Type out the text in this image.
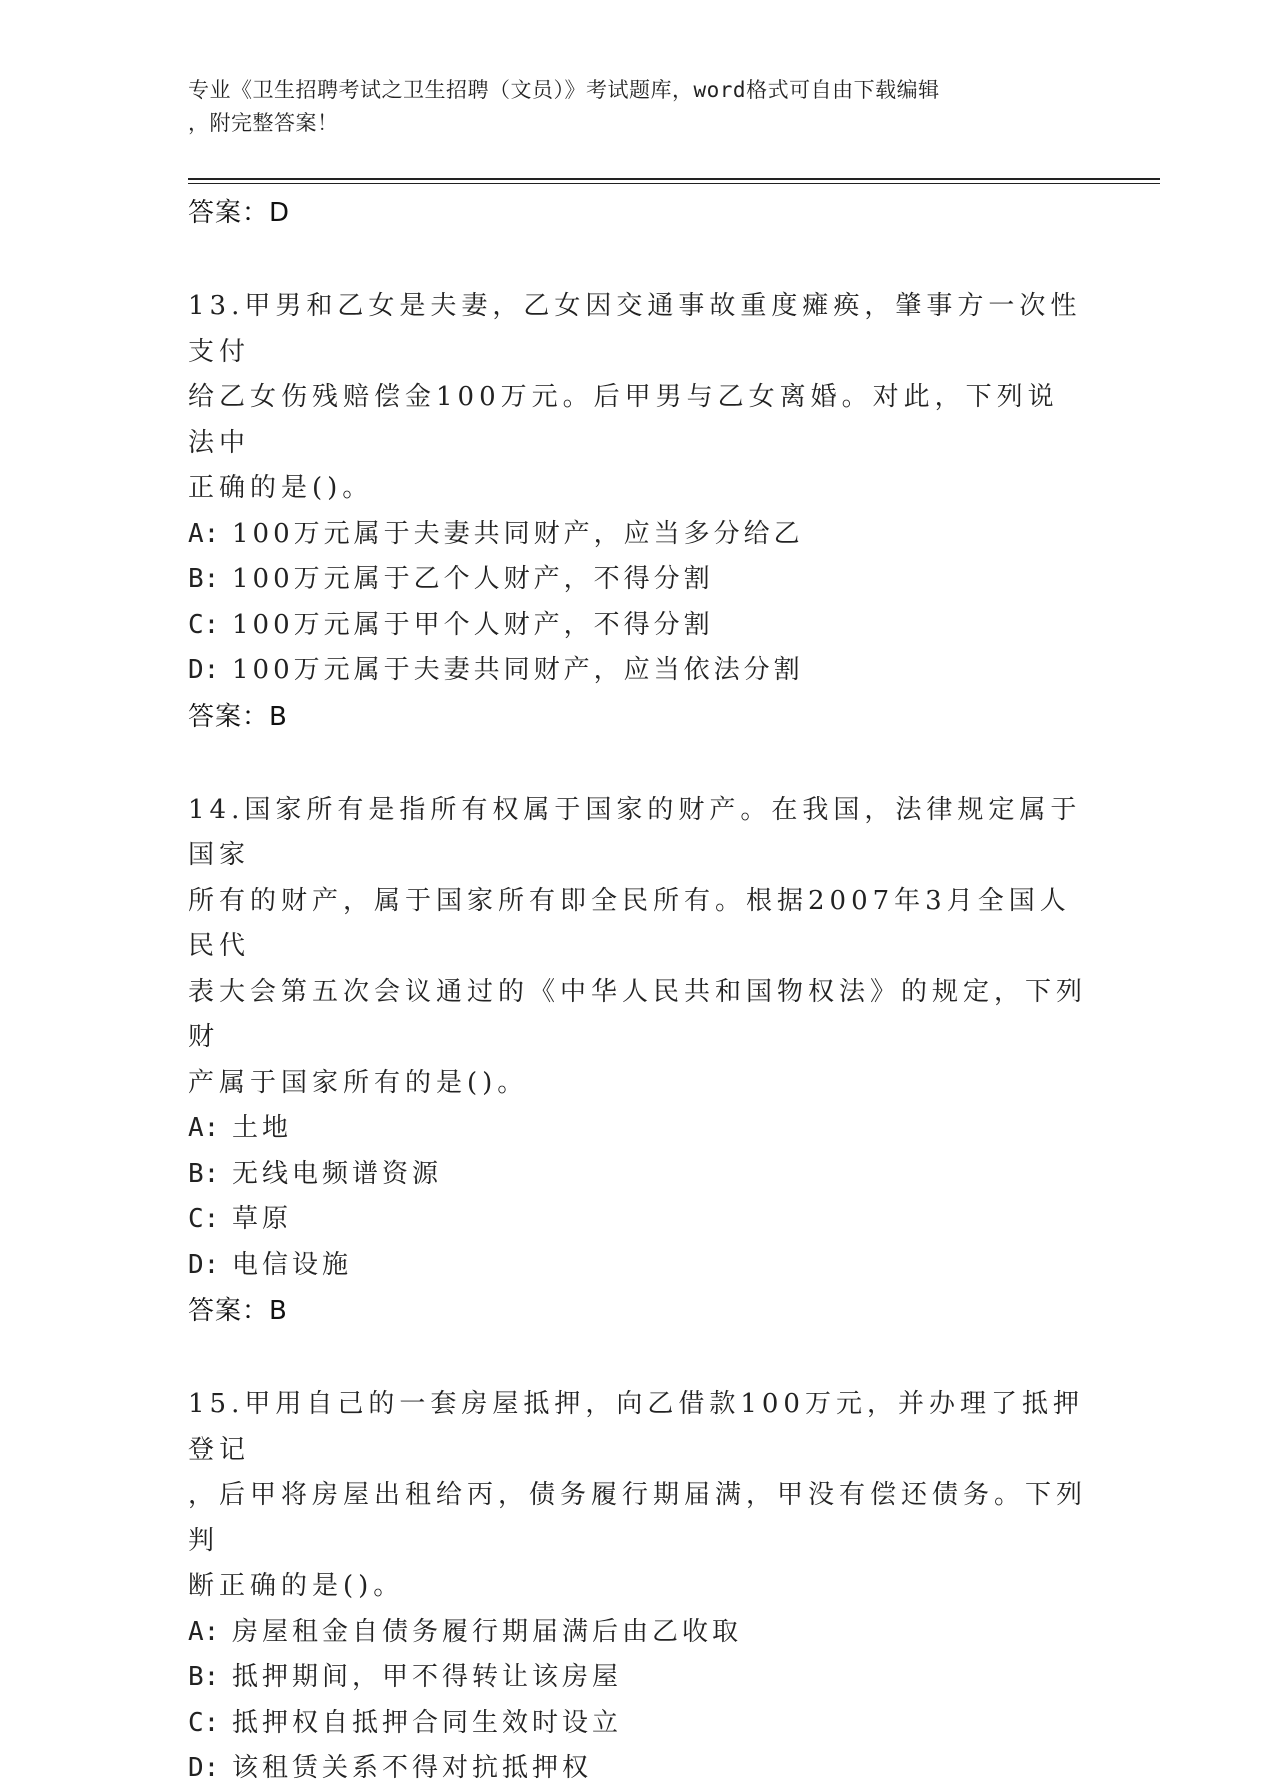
专业《卫生招聘考试之卫生招聘（文员）》考试题库，word格式可自由下载编辑
，附完整答案！
答案：D
13.甲男和乙女是夫妻，乙女因交通事故重度瘫痪，肇事方一次性支付
给乙女伤残赔偿金100万元。后甲男与乙女离婚。对此，下列说法中
正确的是()。
A: 100万元属于夫妻共同财产，应当多分给乙
B: 100万元属于乙个人财产，不得分割
C: 100万元属于甲个人财产，不得分割
D: 100万元属于夫妻共同财产，应当依法分割
答案：B
14.国家所有是指所有权属于国家的财产。在我国，法律规定属于国家
所有的财产，属于国家所有即全民所有。根据2007年3月全国人民代
表大会第五次会议通过的《中华人民共和国物权法》的规定，下列财
产属于国家所有的是()。
A: 土地
B: 无线电频谱资源
C: 草原
D: 电信设施
答案：B
15.甲用自己的一套房屋抵押，向乙借款100万元，并办理了抵押登记
，后甲将房屋出租给丙，债务履行期届满，甲没有偿还债务。下列判
断正确的是()。
A: 房屋租金自债务履行期届满后由乙收取
B: 抵押期间，甲不得转让该房屋
C: 抵押权自抵押合同生效时设立
D: 该租赁关系不得对抗抵押权
